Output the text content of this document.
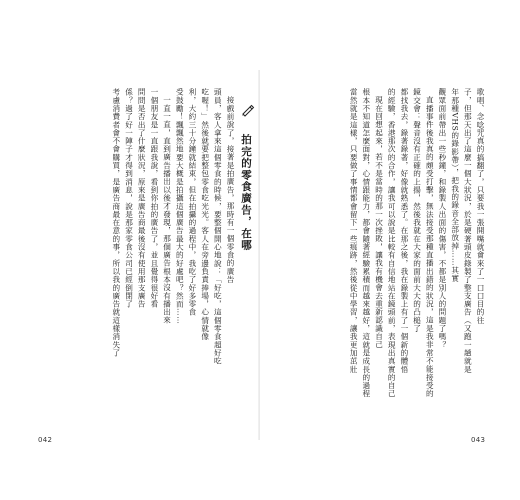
拍完的零食廣告，在哪
接戲前說了，接著是拍廣告，那時有一個零食的廣告
頭員，客人拿來這個零食的時候，要整個開心地說：「好吃，這個零食超好吃
吃喔！」然後就要把整包零食吃光光。客人在旁邊負責捧場，心情就像
利，大約三十分鐘就結束，但在拍攝的過程中，我吃了好多零食
受鼓勵！飄飄然地要大概是拍攝這個廣告最大的好處吧？然而……
一直一直，直到廣告播出以後才發現，那個廣告根本沒有播出來
一個朋友是一直跟我說，看到你拍的廣告了，並且覺得很好看
問問是否出了什麼狀況，原來是廣告商最後沒有使用那支廣告
係？過了好一陣子才得到消息，說是那家零食公司已經倒閉了
考慮消費者會不會購買，是廣告商最在意的事，所以我的廣告就這樣消失了	歌唱、念唸咒真的搞翻了，只要我一張開嘴就會來了一口口目的往
子，但那天出了這麼一個大狀況，於是硬著頭皮錄製了整支廣告（又跑一趟就是
年那種VHS的錄影帶），把我的錄音全部放掉……其實
觀眾面前帶出一些秒鐘，和錄製人出面的傷害，不都是別人的問題了嗎？
直播事件後我真的頗受打擊，無法接受那種直播出錯的狀況，這是我非常不能接受的
鏡交會：聲音沒有正確的上揚，然後我就在大家的面前大大的凸槌了
都找我去，錄著錄著，好像就熟悉了。在那之後，我在錄製上有了一個新的體悟
的經驗，香港那次的合作，讓我可以說是比較有自信地站在鏡頭前，表現出真實的自己
現在回想起來，若不是當時的那一次挫敗，讓我有機會去重新認識自己
根本不知道怎麼面對，心情跟能力，都會隨著經驗累積而越來越好，這就是成長的過程
當然就是這樣，只要做了事情都會留下一些痕跡，然後從中學習，讓我更加茁壯
042	043
